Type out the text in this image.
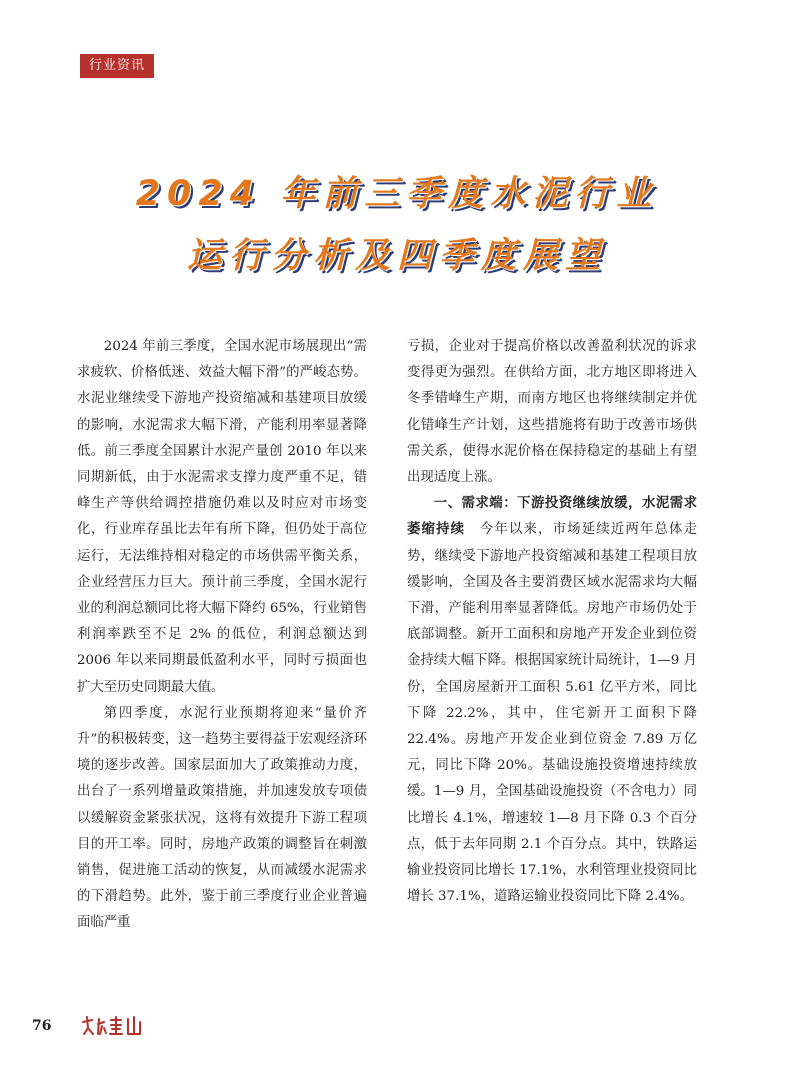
行业资讯
2024 年前三季度水泥行业
运行分析及四季度展望

2024 年前三季度，全国水泥市场展现出“需求疲软、价格低迷、效益大幅下滑”的严峻态势。水泥业继续受下游地产投资缩减和基建项目放缓的影响，水泥需求大幅下滑，产能利用率显著降低。前三季度全国累计水泥产量创 2010 年以来同期新低，由于水泥需求支撑力度严重不足，错峰生产等供给调控措施仍难以及时应对市场变化，行业库存虽比去年有所下降，但仍处于高位运行，无法维持相对稳定的市场供需平衡关系，企业经营压力巨大。预计前三季度，全国水泥行业的利润总额同比将大幅下降约 65%，行业销售利润率跌至不足 2% 的低位，利润总额达到 2006 年以来同期最低盈利水平，同时亏损面也扩大至历史同期最大值。

第四季度，水泥行业预期将迎来“量价齐升”的积极转变，这一趋势主要得益于宏观经济环境的逐步改善。国家层面加大了政策推动力度，出台了一系列增量政策措施，并加速发放专项债以缓解资金紧张状况，这将有效提升下游工程项目的开工率。同时，房地产政策的调整旨在刺激销售，促进施工活动的恢复，从而减缓水泥需求的下滑趋势。此外，鉴于前三季度行业企业普遍面临严重

亏损，企业对于提高价格以改善盈利状况的诉求变得更为强烈。在供给方面，北方地区即将进入冬季错峰生产期，而南方地区也将继续制定并优化错峰生产计划，这些措施将有助于改善市场供需关系，使得水泥价格在保持稳定的基础上有望出现适度上涨。

一、需求端：下游投资继续放缓，水泥需求萎缩持续　今年以来，市场延续近两年总体走势，继续受下游地产投资缩减和基建工程项目放缓影响，全国及各主要消费区域水泥需求均大幅下滑，产能利用率显著降低。房地产市场仍处于底部调整。新开工面积和房地产开发企业到位资金持续大幅下降。根据国家统计局统计，1—9 月份，全国房屋新开工面积 5.61 亿平方米，同比下降 22.2%，其中，住宅新开工面积下降 22.4%。房地产开发企业到位资金 7.89 万亿元，同比下降 20%。基础设施投资增速持续放缓。1—9 月，全国基础设施投资（不含电力）同比增长 4.1%，增速较 1—8 月下降 0.3 个百分点，低于去年同期 2.1 个百分点。其中，铁路运输业投资同比增长 17.1%，水利管理业投资同比增长 37.1%，道路运输业投资同比下降 2.4%。

76
